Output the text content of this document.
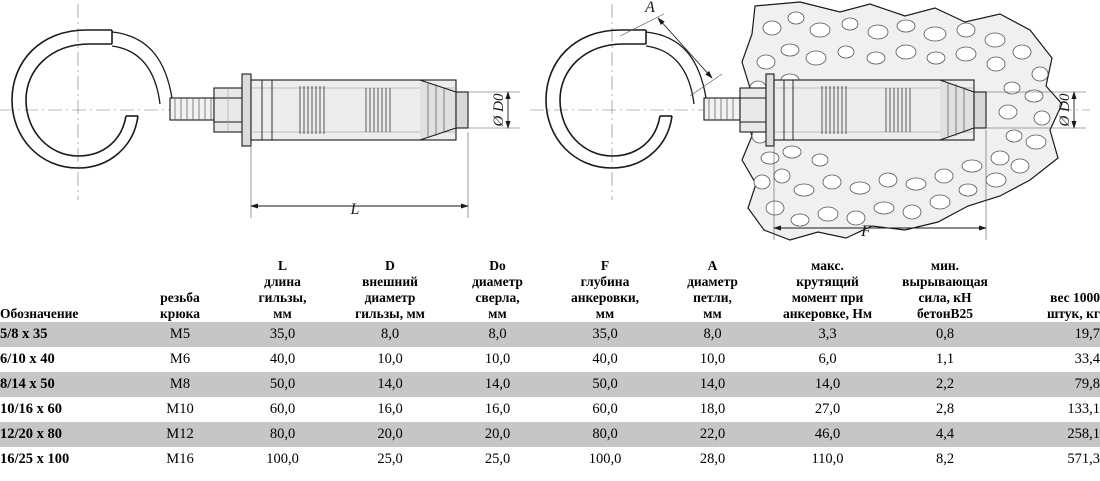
L
Ø D0
A
F
Ø D0
Обозначение

резьба
крюка

L
длина
гильзы,
мм

D
внешний
диаметр
гильзы, мм

Do
диаметр
сверла,
мм

F
глубина
анкеровки,
мм

A
диаметр
петли,
мм

макс.
крутящий
момент при
анкеровке, Нм

мин.
вырывающая
сила, кН
бетонB25

вес 1000
штук, кг

5/8 x 35	M5	35,0	8,0	8,0	35,0	8,0	3,3	0,8	19,7
6/10 x 40	M6	40,0	10,0	10,0	40,0	10,0	6,0	1,1	33,4
8/14 x 50	M8	50,0	14,0	14,0	50,0	14,0	14,0	2,2	79,8
10/16 x 60	M10	60,0	16,0	16,0	60,0	18,0	27,0	2,8	133,1
12/20 x 80	M12	80,0	20,0	20,0	80,0	22,0	46,0	4,4	258,1
16/25 x 100	M16	100,0	25,0	25,0	100,0	28,0	110,0	8,2	571,3
